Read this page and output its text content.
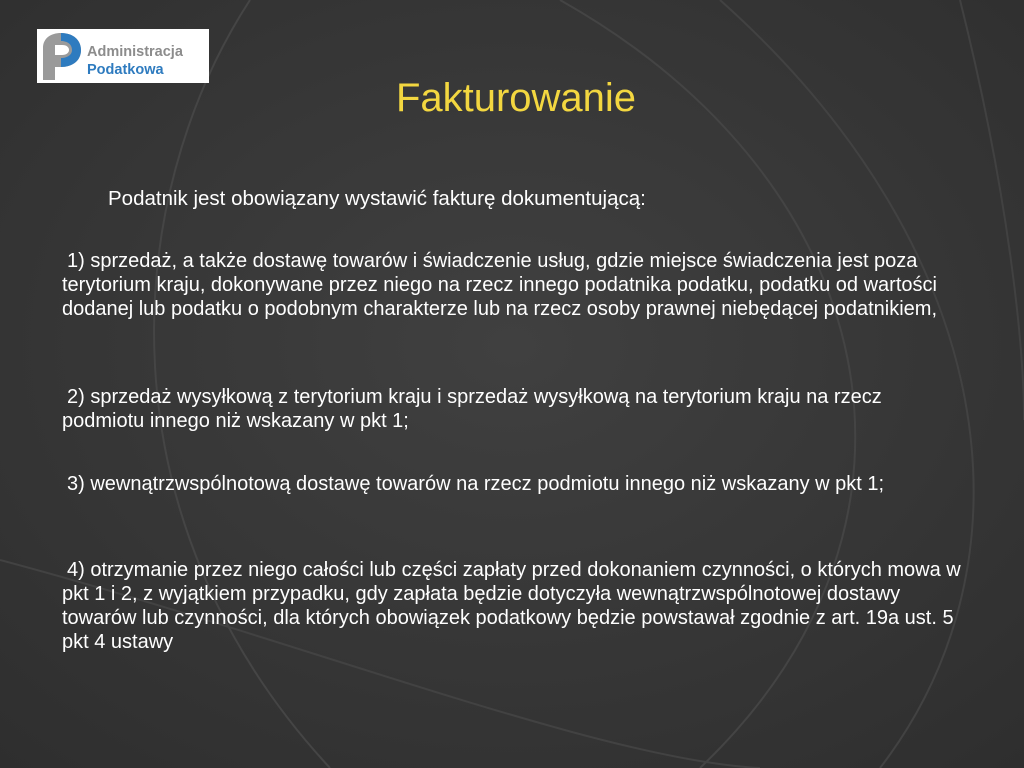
Administracja
Podatkowa
Fakturowanie

Podatnik jest obowiązany wystawić fakturę dokumentującą:

1) sprzedaż, a także dostawę towarów i świadczenie usług, gdzie miejsce świadczenia jest poza terytorium kraju, dokonywane przez niego na rzecz innego podatnika podatku, podatku od wartości dodanej lub podatku o podobnym charakterze lub na rzecz osoby prawnej niebędącej podatnikiem,

2) sprzedaż wysyłkową z terytorium kraju i sprzedaż wysyłkową na terytorium kraju na rzecz podmiotu innego niż wskazany w pkt 1;

3) wewnątrzwspólnotową dostawę towarów na rzecz podmiotu innego niż wskazany w pkt 1;

4) otrzymanie przez niego całości lub części zapłaty przed dokonaniem czynności, o których mowa w pkt 1 i 2, z wyjątkiem przypadku, gdy zapłata będzie dotyczyła wewnątrzwspólnotowej dostawy towarów lub czynności, dla których obowiązek podatkowy będzie powstawał zgodnie z art. 19a ust. 5 pkt 4 ustawy
